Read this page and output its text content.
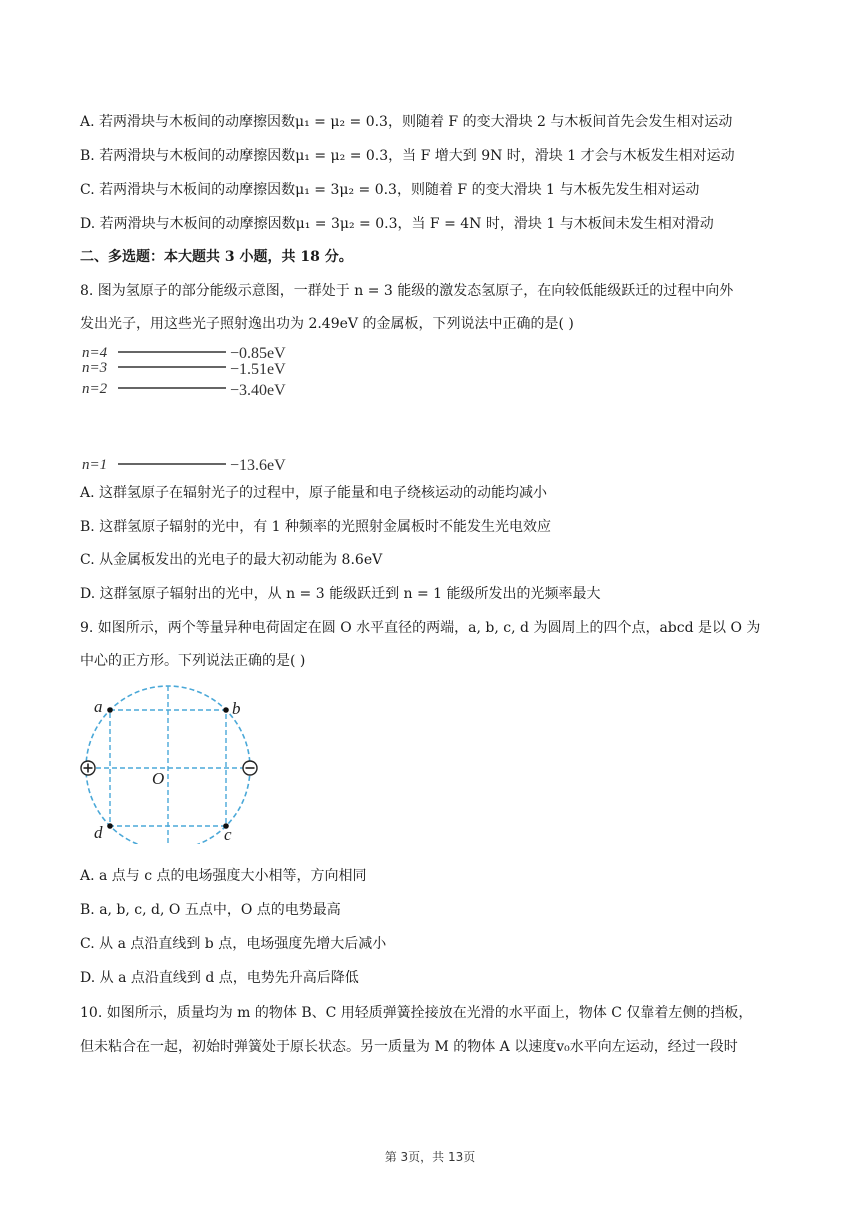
A. 若两滑块与木板间的动摩擦因数μ₁ = μ₂ = 0.3，则随着 F 的变大滑块 2 与木板间首先会发生相对运动
B. 若两滑块与木板间的动摩擦因数μ₁ = μ₂ = 0.3，当 F 增大到 9N 时，滑块 1 才会与木板发生相对运动
C. 若两滑块与木板间的动摩擦因数μ₁ = 3μ₂ = 0.3，则随着 F 的变大滑块 1 与木板先发生相对运动
D. 若两滑块与木板间的动摩擦因数μ₁ = 3μ₂ = 0.3，当 F = 4N 时，滑块 1 与木板间未发生相对滑动
二、多选题：本大题共 3 小题，共 18 分。
8. 图为氢原子的部分能级示意图，一群处于 n = 3 能级的激发态氢原子，在向较低能级跃迁的过程中向外
发出光子，用这些光子照射逸出功为 2.49eV 的金属板，下列说法中正确的是( )
n=4	−0.85eV
n=3	−1.51eV
n=2	−3.40eV
n=1	−13.6eV
A. 这群氢原子在辐射光子的过程中，原子能量和电子绕核运动的动能均减小
B. 这群氢原子辐射的光中，有 1 种频率的光照射金属板时不能发生光电效应
C. 从金属板发出的光电子的最大初动能为 8.6eV
D. 这群氢原子辐射出的光中，从 n = 3 能级跃迁到 n = 1 能级所发出的光频率最大
9. 如图所示，两个等量异种电荷固定在圆 O 水平直径的两端，a, b, c, d 为圆周上的四个点，abcd 是以 O 为
中心的正方形。下列说法正确的是( )
a	b
c
d
O
A. a 点与 c 点的电场强度大小相等，方向相同
B. a, b, c, d, O 五点中，O 点的电势最高
C. 从 a 点沿直线到 b 点，电场强度先增大后减小
D. 从 a 点沿直线到 d 点，电势先升高后降低
10. 如图所示，质量均为 m 的物体 B、C 用轻质弹簧拴接放在光滑的水平面上，物体 C 仅靠着左侧的挡板，
但未粘合在一起，初始时弹簧处于原长状态。另一质量为 M 的物体 A 以速度v₀水平向左运动，经过一段时
第 3页，共 13页
